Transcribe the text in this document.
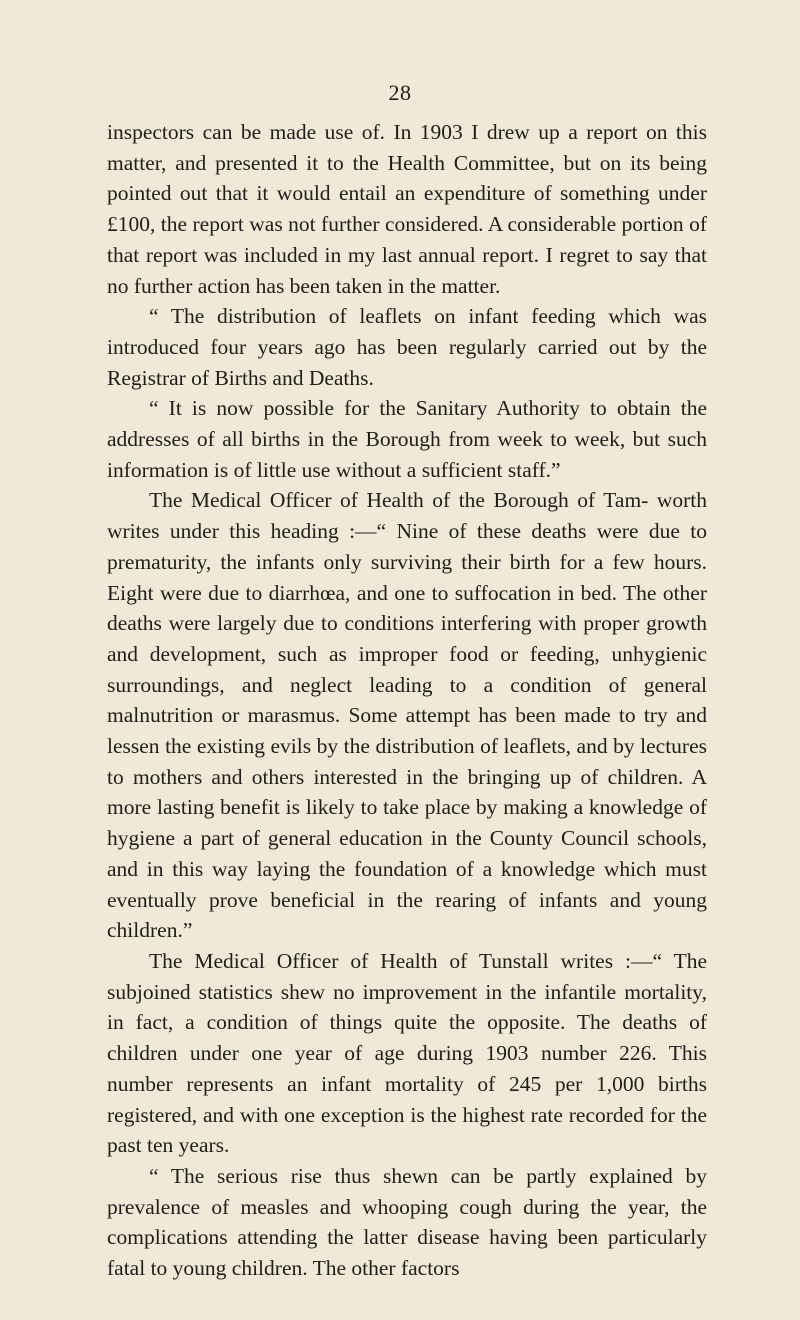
28

inspectors can be made use of. In 1903 I drew up a report on this matter, and presented it to the Health Committee, but on its being pointed out that it would entail an expenditure of something under £100, the report was not further considered. A considerable portion of that report was included in my last annual report. I regret to say that no further action has been taken in the matter.

“ The distribution of leaflets on infant feeding which was introduced four years ago has been regularly carried out by the Registrar of Births and Deaths.

“ It is now possible for the Sanitary Authority to obtain the addresses of all births in the Borough from week to week, but such information is of little use without a sufficient staff.”

The Medical Officer of Health of the Borough of Tam- worth writes under this heading :—“ Nine of these deaths were due to prematurity, the infants only surviving their birth for a few hours. Eight were due to diarrhœa, and one to suffocation in bed. The other deaths were largely due to conditions interfering with proper growth and development, such as improper food or feeding, unhygienic surroundings, and neglect leading to a condition of general malnutrition or marasmus. Some attempt has been made to try and lessen the existing evils by the distribution of leaflets, and by lectures to mothers and others interested in the bringing up of children. A more lasting benefit is likely to take place by making a knowledge of hygiene a part of general education in the County Council schools, and in this way laying the foundation of a knowledge which must eventually prove beneficial in the rearing of infants and young children.”

The Medical Officer of Health of Tunstall writes :—“ The subjoined statistics shew no improvement in the infantile mortality, in fact, a condition of things quite the opposite. The deaths of children under one year of age during 1903 number 226. This number represents an infant mortality of 245 per 1,000 births registered, and with one exception is the highest rate recorded for the past ten years.

“ The serious rise thus shewn can be partly explained by prevalence of measles and whooping cough during the year, the complications attending the latter disease having been particularly fatal to young children. The other factors
